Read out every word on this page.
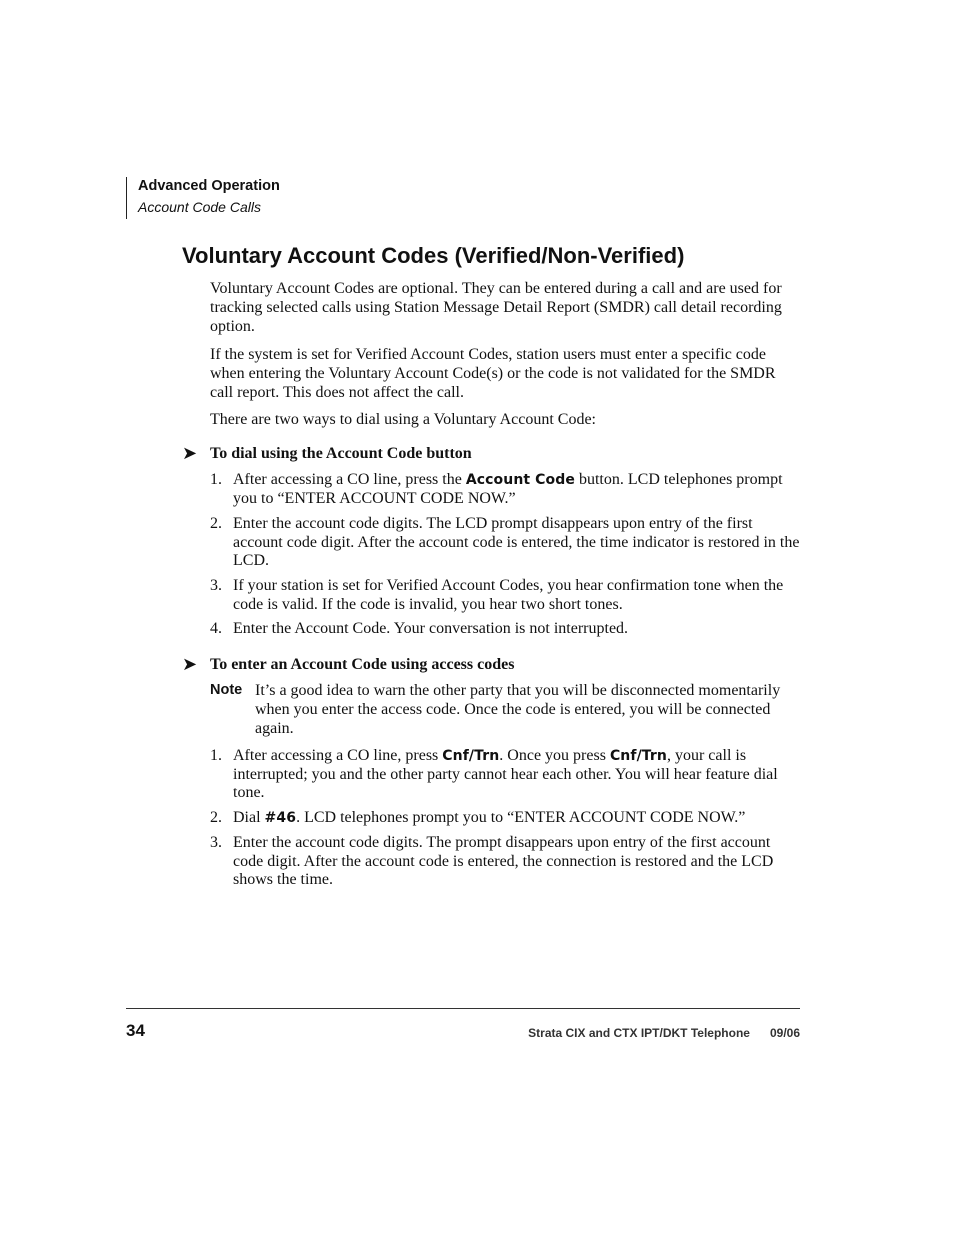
Advanced Operation
Account Code Calls
Voluntary Account Codes (Verified/Non-Verified)

Voluntary Account Codes are optional. They can be entered during a call and are used for tracking selected calls using Station Message Detail Report (SMDR) call detail recording option.

If the system is set for Verified Account Codes, station users must enter a specific code when entering the Voluntary Account Code(s) or the code is not validated for the SMDR call report. This does not affect the call.

There are two ways to dial using a Voluntary Account Code:

➤ To dial using the Account Code button
1. After accessing a CO line, press the Account Code button. LCD telephones prompt you to “ENTER ACCOUNT CODE NOW.”
2. Enter the account code digits. The LCD prompt disappears upon entry of the first account code digit. After the account code is entered, the time indicator is restored in the LCD.
3. If your station is set for Verified Account Codes, you hear confirmation tone when the code is valid. If the code is invalid, you hear two short tones.
4. Enter the Account Code. Your conversation is not interrupted.
➤ To enter an Account Code using access codes
Note It’s a good idea to warn the other party that you will be disconnected momentarily when you enter the access code. Once the code is entered, you will be connected again.
1. After accessing a CO line, press Cnf/Trn. Once you press Cnf/Trn, your call is interrupted; you and the other party cannot hear each other. You will hear feature dial tone.
2. Dial #46. LCD telephones prompt you to “ENTER ACCOUNT CODE NOW.”
3. Enter the account code digits. The prompt disappears upon entry of the first account code digit. After the account code is entered, the connection is restored and the LCD shows the time.
34	Strata CIX and CTX IPT/DKT Telephone 09/06
